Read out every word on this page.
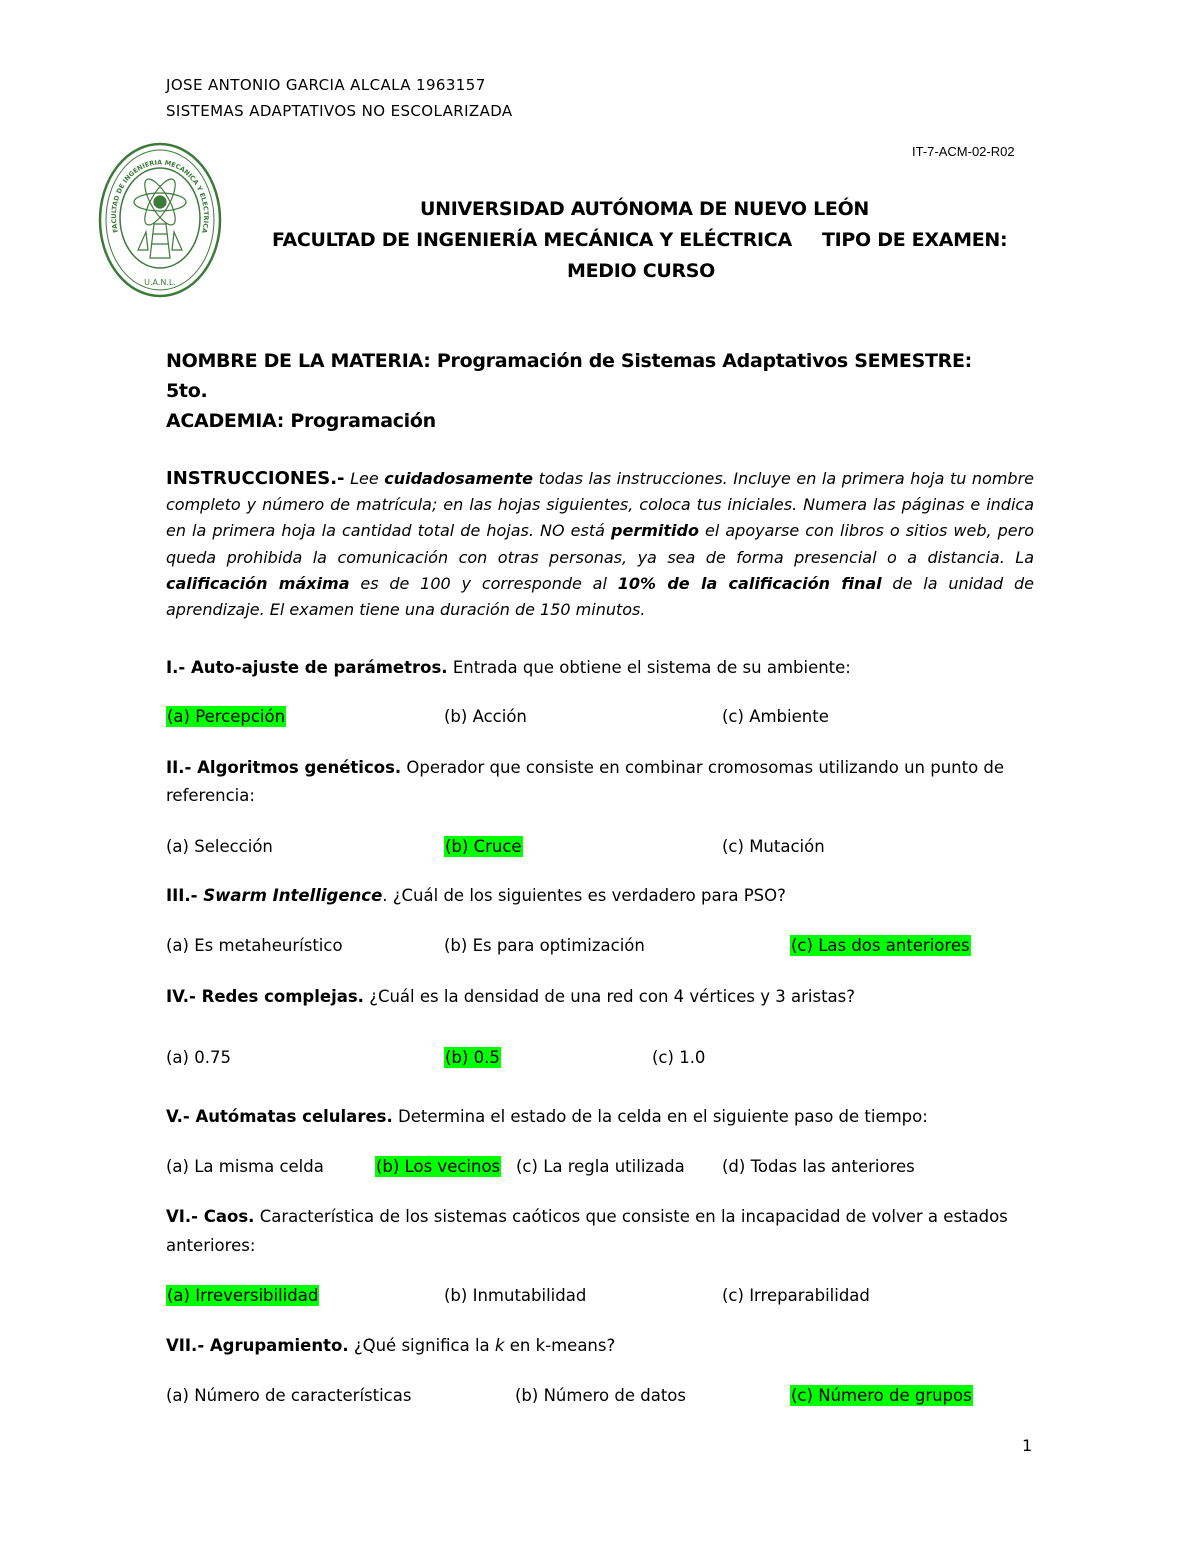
JOSE ANTONIO GARCIA ALCALA 1963157
SISTEMAS ADAPTATIVOS NO ESCOLARIZADA
IT-7-ACM-02-R02
FACULTAD DE INGENIERIA MECANICA Y ELECTRICA
U.A.N.L.
UNIVERSIDAD AUTÓNOMA DE NUEVO LEÓN
FACULTAD DE INGENIERÍA MECÁNICA Y ELÉCTRICA TIPO DE EXAMEN:
MEDIO CURSO
NOMBRE DE LA MATERIA: Programación de Sistemas Adaptativos SEMESTRE:
5to.
ACADEMIA: Programación
INSTRUCCIONES.- Lee cuidadosamente todas las instrucciones. Incluye en la primera hoja tu nombre completo y número de matrícula; en las hojas siguientes, coloca tus iniciales. Numera las páginas e indica en la primera hoja la cantidad total de hojas. NO está permitido el apoyarse con libros o sitios web, pero queda prohibida la comunicación con otras personas, ya sea de forma presencial o a distancia. La calificación máxima es de 100 y corresponde al 10% de la calificación final de la unidad de aprendizaje. El examen tiene una duración de 150 minutos.
I.- Auto-ajuste de parámetros. Entrada que obtiene el sistema de su ambiente:
(a) Percepción	(b) Acción	(c) Ambiente
II.- Algoritmos genéticos. Operador que consiste en combinar cromosomas utilizando un punto de
referencia:
(a) Selección	(b) Cruce	(c) Mutación
III.- Swarm Intelligence. ¿Cuál de los siguientes es verdadero para PSO?
(a) Es metaheurístico	(b) Es para optimización	(c) Las dos anteriores
IV.- Redes complejas. ¿Cuál es la densidad de una red con 4 vértices y 3 aristas?
(a) 0.75	(b) 0.5	(c) 1.0
V.- Autómatas celulares. Determina el estado de la celda en el siguiente paso de tiempo:
(a) La misma celda	(b) Los vecinos (c) La regla utilizada (d) Todas las anteriores
VI.- Caos. Característica de los sistemas caóticos que consiste en la incapacidad de volver a estados
anteriores:
(a) Irreversibilidad	(b) Inmutabilidad	(c) Irreparabilidad
VII.- Agrupamiento. ¿Qué significa la k en k-means?
(a) Número de características	(b) Número de datos	(c) Número de grupos
1
